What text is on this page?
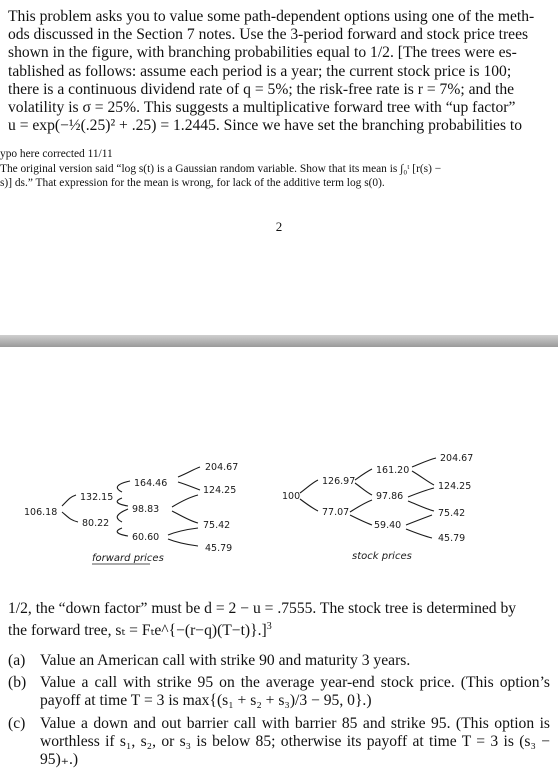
This problem asks you to value some path-dependent options using one of the meth-
ods discussed in the Section 7 notes. Use the 3-period forward and stock price trees
shown in the figure, with branching probabilities equal to 1/2. [The trees were es-
tablished as follows: assume each period is a year; the current stock price is 100;
there is a continuous dividend rate of q = 5%; the risk-free rate is r = 7%; and the
volatility is σ = 25%. This suggests a multiplicative forward tree with “up factor”
u = exp(−½(.25)² + .25) = 1.2445. Since we have set the branching probabilities to
ypo here corrected 11/11
The original version said “log s(t) is a Gaussian random variable. Show that its mean is ∫₀ᵗ [r(s) −
s)] ds.” That expression for the mean is wrong, for lack of the additive term log s(0).
2
106.18
132.15
80.22
164.46
98.83
60.60
204.67
124.25
75.42
45.79
forward prices
100
126.97
77.07
161.20
97.86
59.40
204.67
124.25
75.42
45.79
stock prices
1/2, the “down factor” must be d = 2 − u = .7555. The stock tree is determined by
the forward tree, sₜ = Fₜe^{−(r−q)(T−t)}.]$^3$
(a) Value an American call with strike 90 and maturity 3 years.
(b) Value a call with strike 95 on the average year-end stock price. (This option’s payoff at time T = 3 is max{(s₁ + s₂ + s₃)/3 − 95, 0}.)
(c) Value a down and out barrier call with barrier 85 and strike 95. (This option is worthless if s₁, s₂, or s₃ is below 85; otherwise its payoff at time T = 3 is (s₃ − 95)₊.)
